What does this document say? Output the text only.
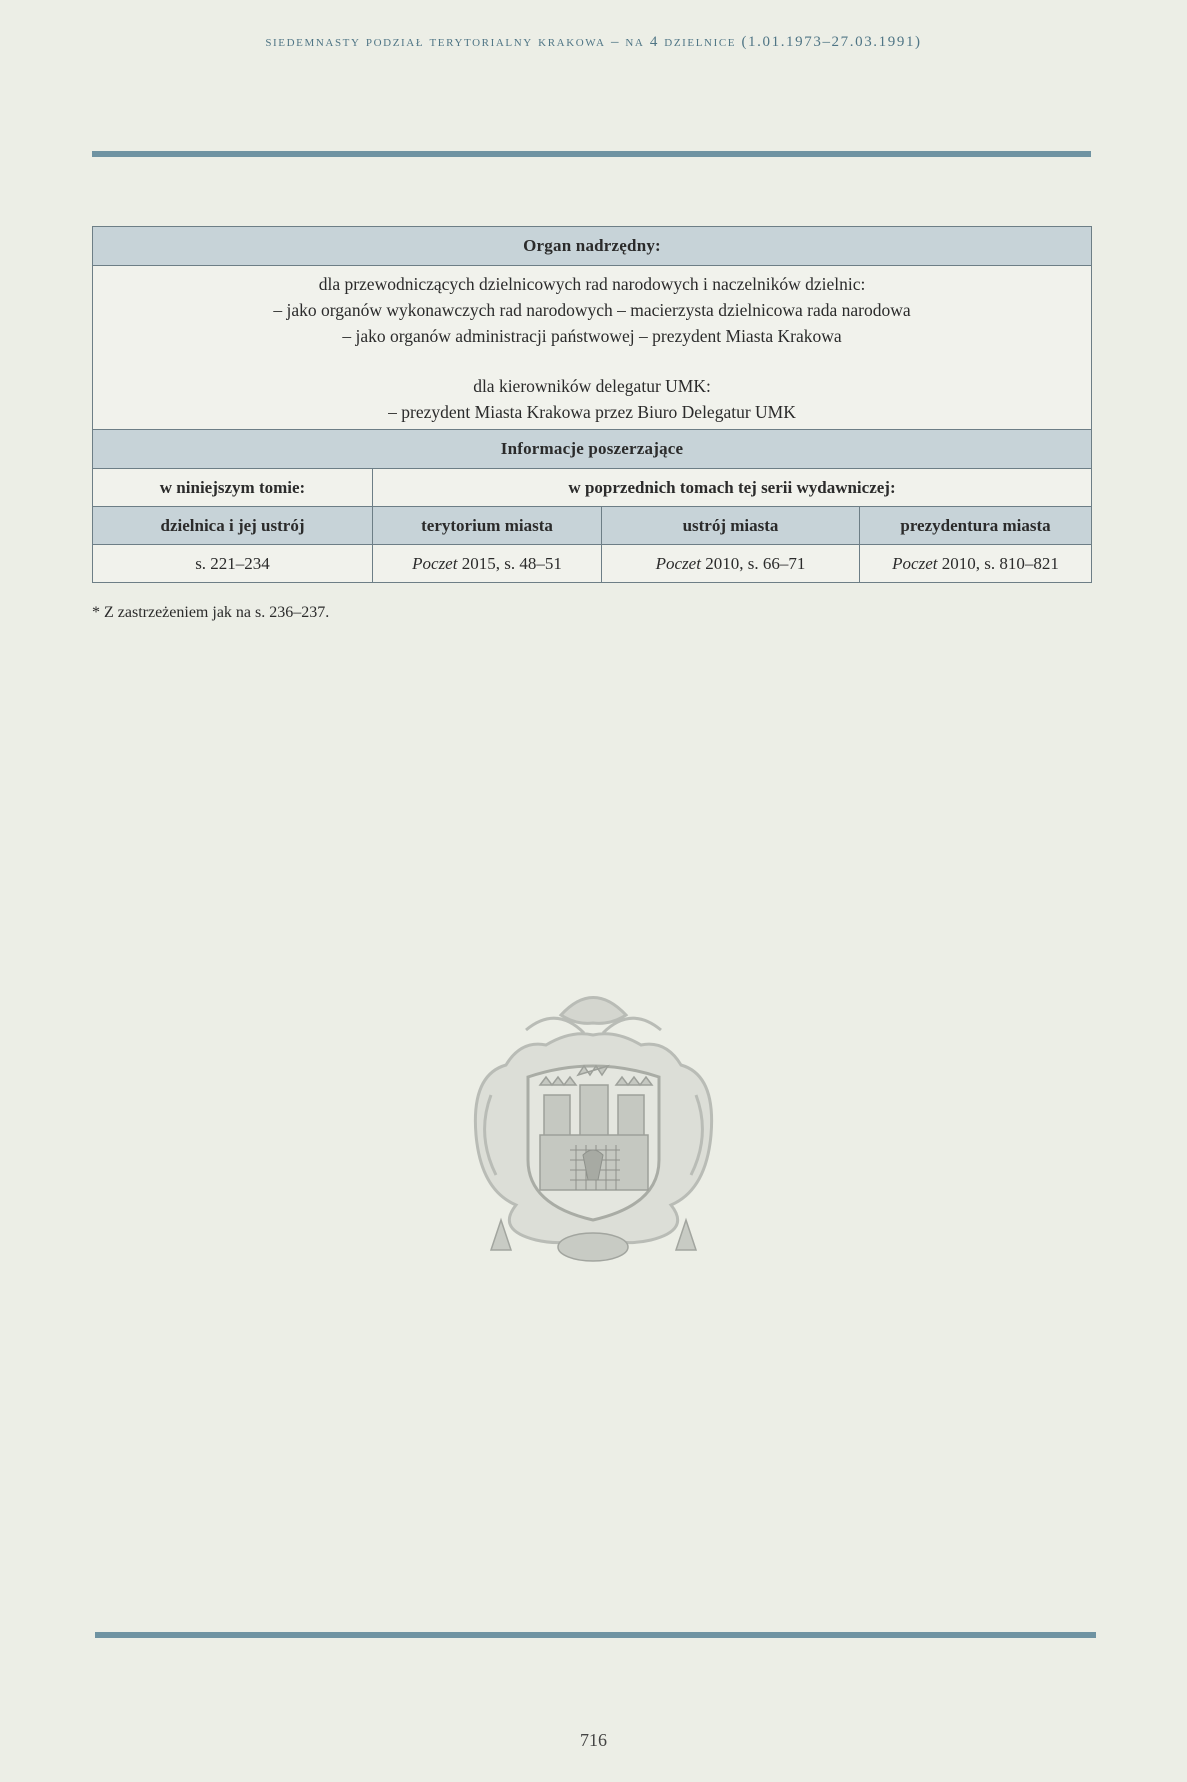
siedemnasty podział terytorialny krakowa – na 4 dzielnice (1.01.1973–27.03.1991)
Organ nadrzędny:			

dla przewodniczących dzielnicowych rad narodowych i naczelników dzielnic:
– jako organów wykonawczych rad narodowych – macierzysta dzielnicowa rada narodowa
– jako organów administracji państwowej – prezydent Miasta Krakowa
dla kierowników delegatur UMK:
– prezydent Miasta Krakowa przez Biuro Delegatur UMK			

Informacje poszerzające			
w niniejszym tomie:	w poprzednich tomach tej serii wydawniczej:		
dzielnica i jej ustrój	terytorium miasta	ustrój miasta	prezydentura miasta
s. 221–234	Poczet 2015, s. 48–51	Poczet 2010, s. 66–71	Poczet 2010, s. 810–821
* Z zastrzeżeniem jak na s. 236–237.
716
